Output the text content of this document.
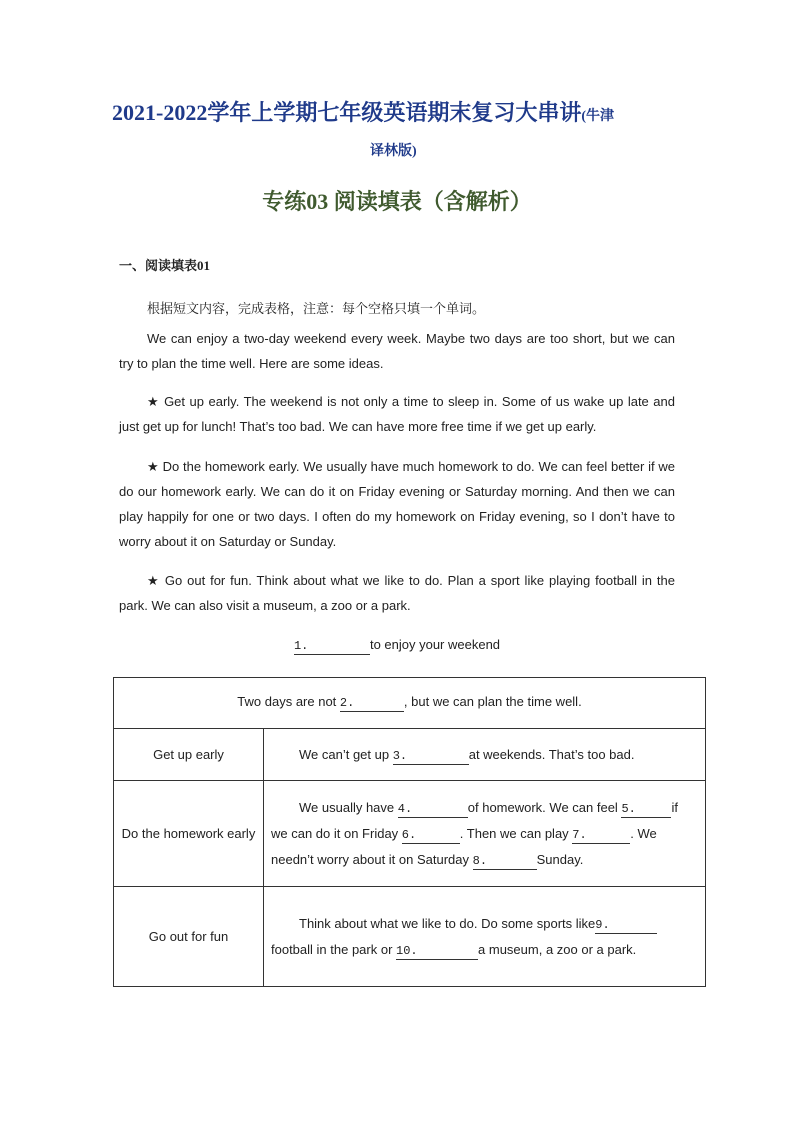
2021-2022学年上学期七年级英语期末复习大串讲(牛津
译林版)
专练03 阅读填表（含解析）
一、阅读填表01
根据短文内容，完成表格，注意：每个空格只填一个单词。
We can enjoy a two-day weekend every week. Maybe two days are too short, but we can try to plan the time well. Here are some ideas.
★ Get up early. The weekend is not only a time to sleep in. Some of us wake up late and just get up for lunch! That’s too bad. We can have more free time if we get up early.
★ Do the homework early. We usually have much homework to do. We can feel better if we do our homework early. We can do it on Friday evening or Saturday morning. And then we can play happily for one or two days. I often do my homework on Friday evening, so I don’t have to worry about it on Saturday or Sunday.
★ Go out for fun. Think about what we like to do. Plan a sport like playing football in the park. We can also visit a museum, a zoo or a park.
1.	to enjoy your weekend
Two days are not 2. , but we can plan the time well.	
Get up early	We can’t get up 3. at weekends. That’s too bad.

Do the homework early	We usually have 4. of homework. We can feel 5. if we can do it on Friday 6. . Then we can play 7. . We needn’t worry about it on Saturday 8. Sunday.

Go out for fun	Think about what we like to do. Do some sports like9.football in the park or 10. a museum, a zoo or a park.
